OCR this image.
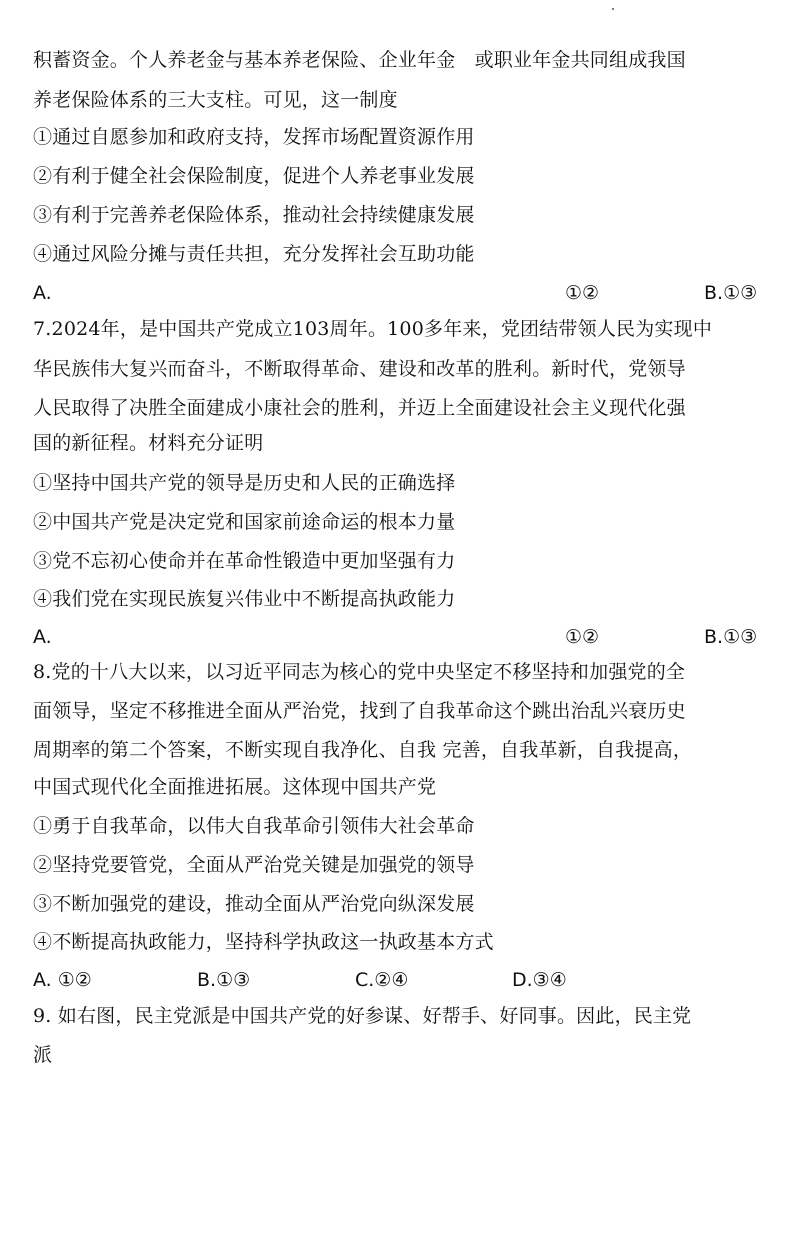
积蓄资金。个人养老金与基本养老保险、企业年金　或职业年金共同组成我国
养老保险体系的三大支柱。可见，这一制度
①通过自愿参加和政府支持，发挥市场配置资源作用
②有利于健全社会保险制度，促进个人养老事业发展
③有利于完善养老保险体系，推动社会持续健康发展
④通过风险分摊与责任共担，充分发挥社会互助功能
A.	①②	B.①③
7.2024年，是中国共产党成立103周年。100多年来，党团结带领人民为实现中
华民族伟大复兴而奋斗，不断取得革命、建设和改革的胜利。新时代，党领导
人民取得了决胜全面建成小康社会的胜利，并迈上全面建设社会主义现代化强
国的新征程。材料充分证明
①坚持中国共产党的领导是历史和人民的正确选择
②中国共产党是决定党和国家前途命运的根本力量
③党不忘初心使命并在革命性锻造中更加坚强有力
④我们党在实现民族复兴伟业中不断提高执政能力
A.	①②	B.①③
8.党的十八大以来，以习近平同志为核心的党中央坚定不移坚持和加强党的全
面领导，坚定不移推进全面从严治党，找到了自我革命这个跳出治乱兴衰历史
周期率的第二个答案，不断实现自我净化、自我 完善，自我革新，自我提高，
中国式现代化全面推进拓展。这体现中国共产党
①勇于自我革命，以伟大自我革命引领伟大社会革命
②坚持党要管党，全面从严治党关键是加强党的领导
③不断加强党的建设，推动全面从严治党向纵深发展
④不断提高执政能力，坚持科学执政这一执政基本方式
A. ①②	B.①③	C.②④	D.③④
9. 如右图，民主党派是中国共产党的好参谋、好帮手、好同事。因此，民主党
派
